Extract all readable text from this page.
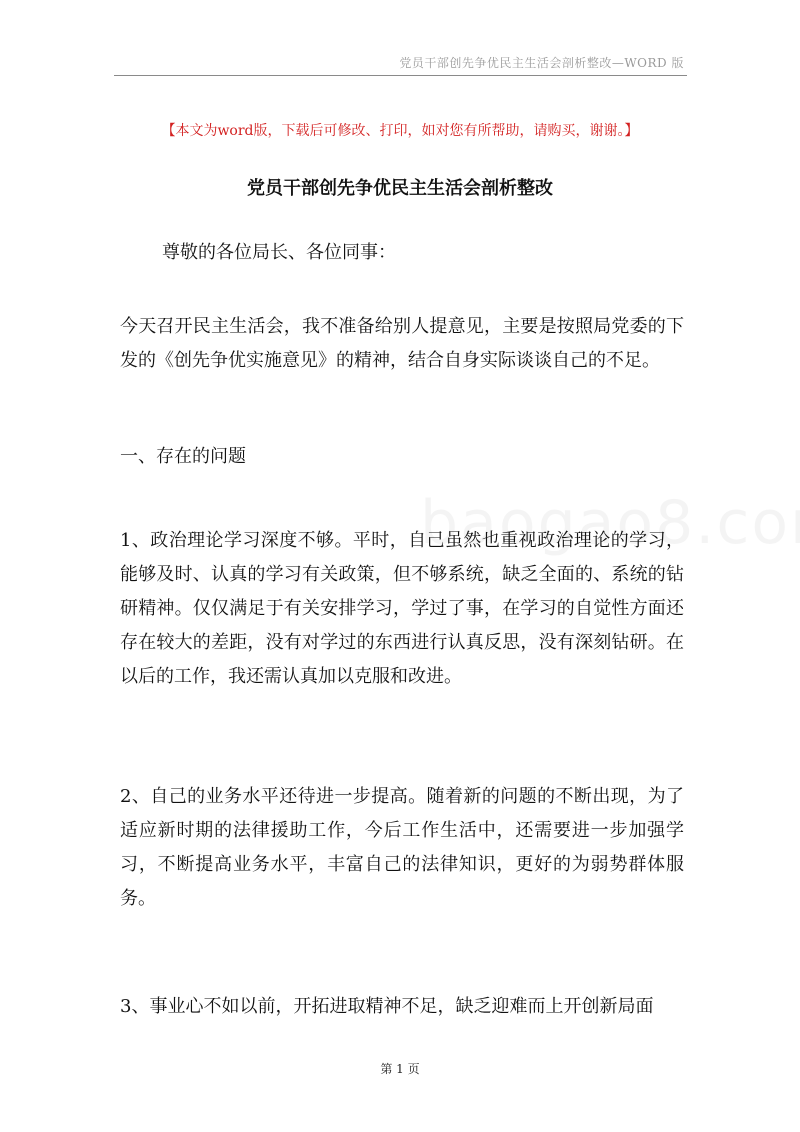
党员干部创先争优民主生活会剖析整改—WORD 版
【本文为word版，下载后可修改、打印，如对您有所帮助，请购买，谢谢。】
党员干部创先争优民主生活会剖析整改
尊敬的各位局长、各位同事：
今天召开民主生活会，我不准备给别人提意见，主要是按照局党委的下发的《创先争优实施意见》的精神，结合自身实际谈谈自己的不足。
一、存在的问题
1、政治理论学习深度不够。平时，自己虽然也重视政治理论的学习，能够及时、认真的学习有关政策，但不够系统，缺乏全面的、系统的钻研精神。仅仅满足于有关安排学习，学过了事，在学习的自觉性方面还存在较大的差距，没有对学过的东西进行认真反思，没有深刻钻研。在以后的工作，我还需认真加以克服和改进。
2、自己的业务水平还待进一步提高。随着新的问题的不断出现，为了适应新时期的法律援助工作，今后工作生活中，还需要进一步加强学习，不断提高业务水平，丰富自己的法律知识，更好的为弱势群体服务。
3、事业心不如以前，开拓进取精神不足，缺乏迎难而上开创新局面
第 1 页
